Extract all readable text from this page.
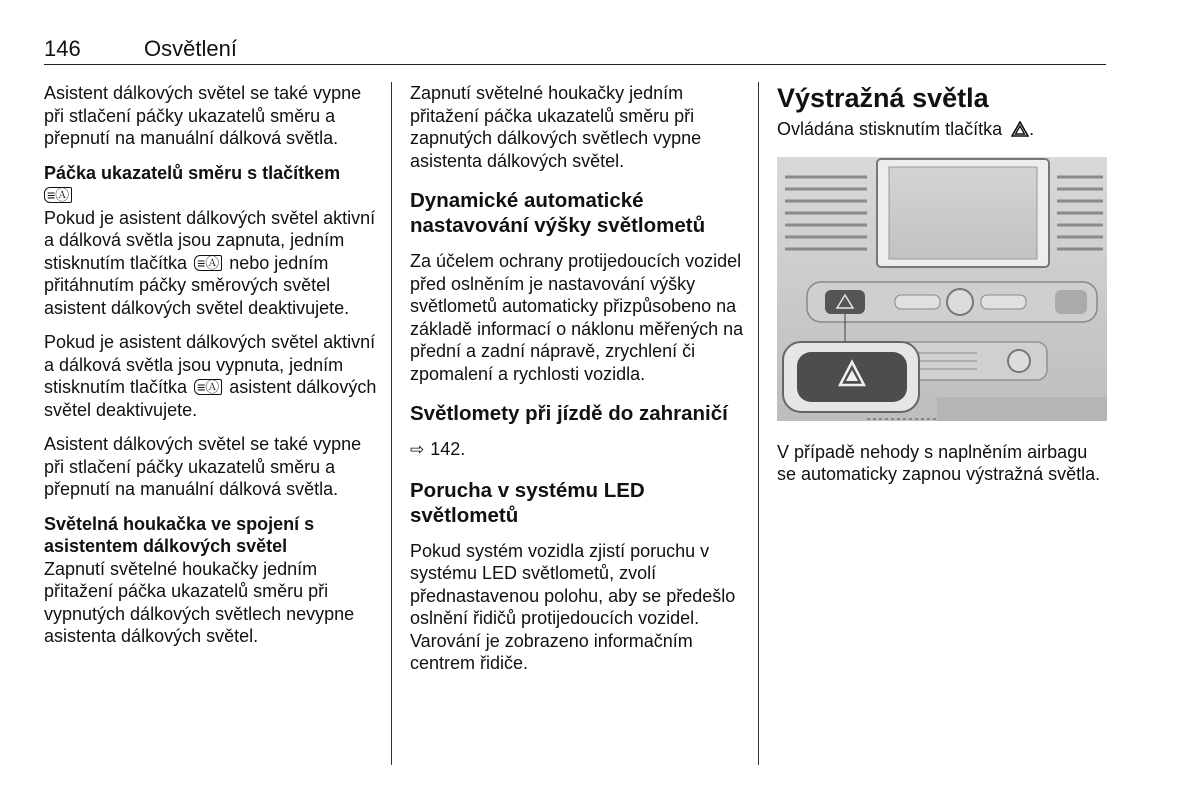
146	Osvětlení

Asistent dálkových světel se také vypne při stlačení páčky ukazatelů směru a přepnutí na manuální dálková světla.

Páčka ukazatelů směru s tlačítkem
≡Ⓐ

Pokud je asistent dálkových světel aktivní a dálková světla jsou zapnuta, jedním stisknutím tlačítka ≡Ⓐ nebo jedním přitáhnutím páčky směrových světel asistent dálkových světel deaktivujete.

Pokud je asistent dálkových světel aktivní a dálková světla jsou vypnuta, jedním stisknutím tlačítka ≡Ⓐ asistent dálkových světel deaktivujete.

Asistent dálkových světel se také vypne při stlačení páčky ukazatelů směru a přepnutí na manuální dálková světla.

Světelná houkačka ve spojení s asistentem dálkových světel

Zapnutí světelné houkačky jedním přitažení páčka ukazatelů směru při vypnutých dálkových světlech nevypne asistenta dálkových světel.

Zapnutí světelné houkačky jedním přitažení páčka ukazatelů směru při zapnutých dálkových světlech vypne asistenta dálkových světel.

Dynamické automatické nastavování výšky světlometů

Za účelem ochrany protijedoucích vozidel před oslněním je nastavování výšky světlometů automaticky přizpůsobeno na základě informací o náklonu měřených na přední a zadní nápravě, zrychlení či zpomalení a rychlosti vozidla.

Světlomety při jízdě do zahraničí

⇨ 142.

Porucha v systému LED světlometů

Pokud systém vozidla zjistí poruchu v systému LED světlometů, zvolí přednastavenou polohu, aby se předešlo oslnění řidičů protijedoucích vozidel. Varování je zobrazeno informačním centrem řidiče.

Výstražná světla

Ovládána stisknutím tlačítka .

V případě nehody s naplněním airbagu se automaticky zapnou výstražná světla.
